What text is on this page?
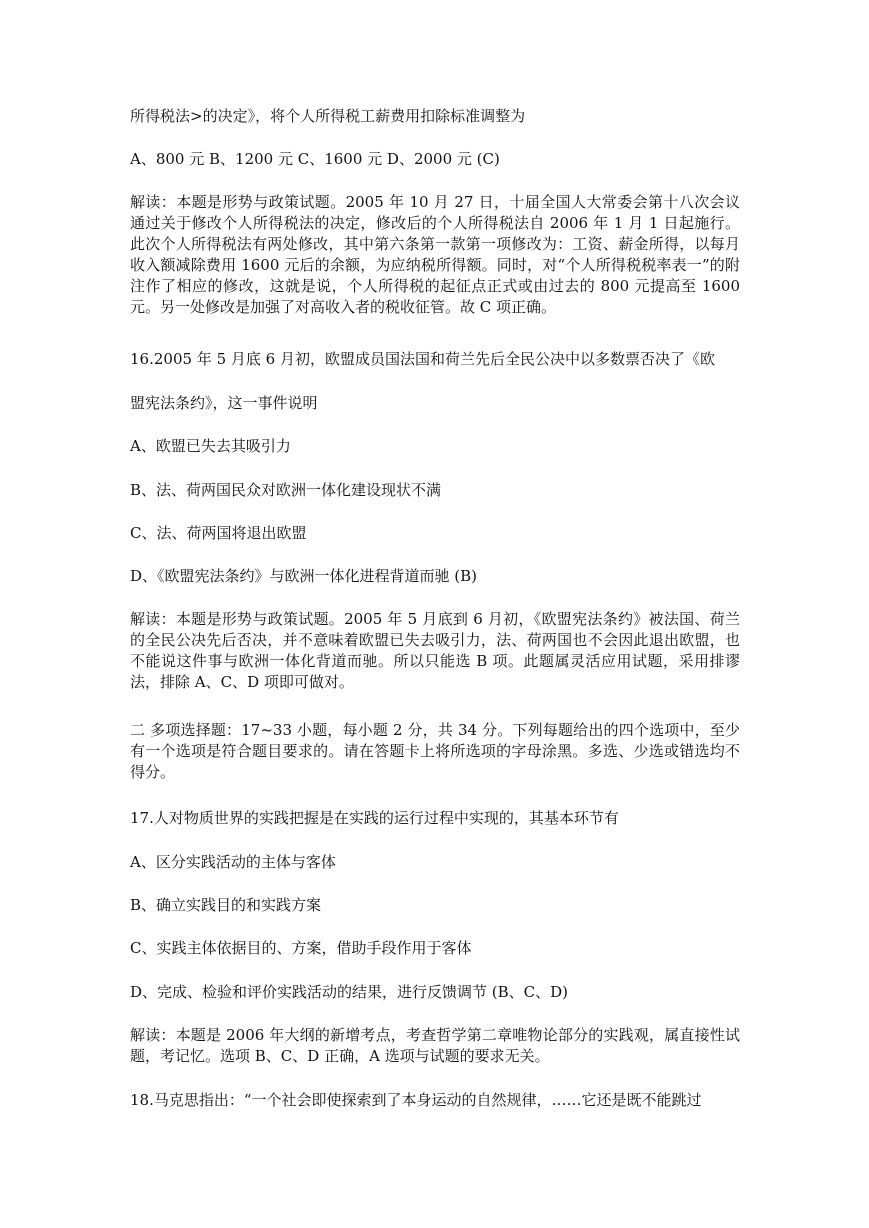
所得税法>的决定》，将个人所得税工薪费用扣除标准调整为
A、800 元 B、1200 元 C、1600 元 D、2000 元 (C)
解读：本题是形势与政策试题。2005 年 10 月 27 日，十届全国人大常委会第十八次会议通过关于修改个人所得税法的决定，修改后的个人所得税法自 2006 年 1 月 1 日起施行。此次个人所得税法有两处修改，其中第六条第一款第一项修改为：工资、薪金所得，以每月收入额减除费用 1600 元后的余额，为应纳税所得额。同时，对“个人所得税税率表一”的附注作了相应的修改，这就是说，个人所得税的起征点正式或由过去的 800 元提高至 1600 元。另一处修改是加强了对高收入者的税收征管。故 C 项正确。
16.2005 年 5 月底 6 月初，欧盟成员国法国和荷兰先后全民公决中以多数票否决了《欧
盟宪法条约》，这一事件说明
A、欧盟已失去其吸引力
B、法、荷两国民众对欧洲一体化建设现状不满
C、法、荷两国将退出欧盟
D、《欧盟宪法条约》与欧洲一体化进程背道而驰 (B)
解读：本题是形势与政策试题。2005 年 5 月底到 6 月初，《欧盟宪法条约》被法国、荷兰的全民公决先后否决，并不意味着欧盟已失去吸引力，法、荷两国也不会因此退出欧盟，也不能说这件事与欧洲一体化背道而驰。所以只能选 B 项。此题属灵活应用试题，采用排谬法，排除 A、C、D 项即可做对。
二 多项选择题：17~33 小题，每小题 2 分，共 34 分。下列每题给出的四个选项中，至少有一个选项是符合题目要求的。请在答题卡上将所选项的字母涂黑。多选、少选或错选均不得分。
17.人对物质世界的实践把握是在实践的运行过程中实现的，其基本环节有
A、区分实践活动的主体与客体
B、确立实践目的和实践方案
C、实践主体依据目的、方案，借助手段作用于客体
D、完成、检验和评价实践活动的结果，进行反馈调节 (B、C、D)
解读：本题是 2006 年大纲的新增考点，考查哲学第二章唯物论部分的实践观，属直接性试题，考记忆。选项 B、C、D 正确，A 选项与试题的要求无关。
18.马克思指出：“一个社会即使探索到了本身运动的自然规律，……它还是既不能跳过
